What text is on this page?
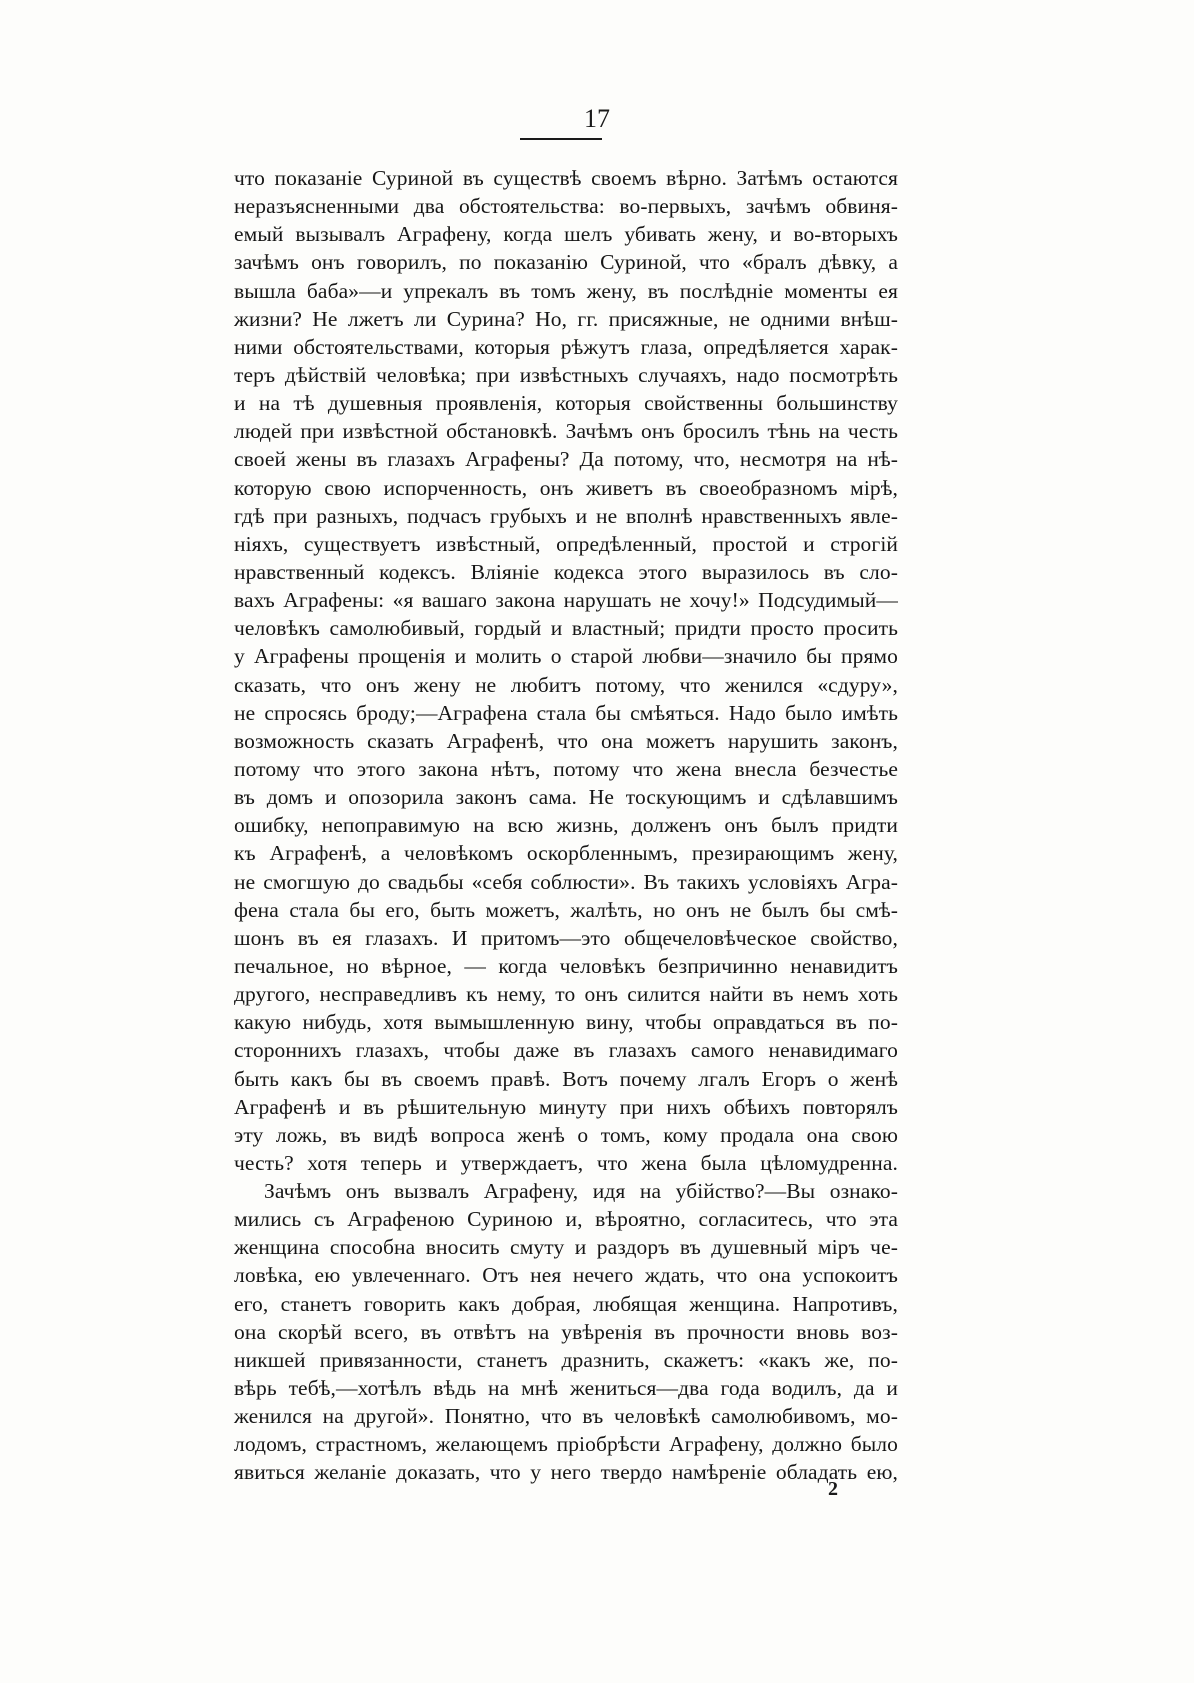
17
что показаніе Суриной въ существѣ своемъ вѣрно. Затѣмъ остаются
неразъясненными два обстоятельства: во-первыхъ, зачѣмъ обвиня-
емый вызывалъ Аграфену, когда шелъ убивать жену, и во-вторыхъ
зачѣмъ онъ говорилъ, по показанію Суриной, что «бралъ дѣвку, а
вышла баба»—и упрекалъ въ томъ жену, въ послѣдніе моменты ея
жизни? Не лжетъ ли Сурина? Но, гг. присяжные, не одними внѣш-
ними обстоятельствами, которыя рѣжутъ глаза, опредѣляется харак-
теръ дѣйствій человѣка; при извѣстныхъ случаяхъ, надо посмотрѣть
и на тѣ душевныя проявленія, которыя свойственны большинству
людей при извѣстной обстановкѣ. Зачѣмъ онъ бросилъ тѣнь на честь
своей жены въ глазахъ Аграфены? Да потому, что, несмотря на нѣ-
которую свою испорченность, онъ живетъ въ своеобразномъ мірѣ,
гдѣ при разныхъ, подчасъ грубыхъ и не вполнѣ нравственныхъ явле-
ніяхъ, существуетъ извѣстный, опредѣленный, простой и строгій
нравственный кодексъ. Вліяніе кодекса этого выразилось въ сло-
вахъ Аграфены: «я вашаго закона нарушать не хочу!» Подсудимый—
человѣкъ самолюбивый, гордый и властный; придти просто просить
у Аграфены прощенія и молить о старой любви—значило бы прямо
сказать, что онъ жену не любитъ потому, что женился «сдуру»,
не спросясь броду;—Аграфена стала бы смѣяться. Надо было имѣть
возможность сказать Аграфенѣ, что она можетъ нарушить законъ,
потому что этого закона нѣтъ, потому что жена внесла безчестье
въ домъ и опозорила законъ сама. Не тоскующимъ и сдѣлавшимъ
ошибку, непоправимую на всю жизнь, долженъ онъ былъ придти
къ Аграфенѣ, а человѣкомъ оскорбленнымъ, презирающимъ жену,
не смогшую до свадьбы «себя соблюсти». Въ такихъ условіяхъ Агра-
фена стала бы его, быть можетъ, жалѣть, но онъ не былъ бы смѣ-
шонъ въ ея глазахъ. И притомъ—это общечеловѣческое свойство,
печальное, но вѣрное, — когда человѣкъ безпричинно ненавидитъ
другого, несправедливъ къ нему, то онъ силится найти въ немъ хоть
какую нибудь, хотя вымышленную вину, чтобы оправдаться въ по-
стороннихъ глазахъ, чтобы даже въ глазахъ самого ненавидимаго
быть какъ бы въ своемъ правѣ. Вотъ почему лгалъ Егоръ о женѣ
Аграфенѣ и въ рѣшительную минуту при нихъ обѣихъ повторялъ
эту ложь, въ видѣ вопроса женѣ о томъ, кому продала она свою
честь? хотя теперь и утверждаетъ, что жена была цѣломудренна.
Зачѣмъ онъ вызвалъ Аграфену, идя на убійство?—Вы ознако-
мились съ Аграфеною Суриною и, вѣроятно, согласитесь, что эта
женщина способна вносить смуту и раздоръ въ душевный міръ че-
ловѣка, ею увлеченнаго. Отъ нея нечего ждать, что она успокоитъ
его, станетъ говорить какъ добрая, любящая женщина. Напротивъ,
она скорѣй всего, въ отвѣтъ на увѣренія въ прочности вновь воз-
никшей привязанности, станетъ дразнить, скажетъ: «какъ же, по-
вѣрь тебѣ,—хотѣлъ вѣдь на мнѣ жениться—два года водилъ, да и
женился на другой». Понятно, что въ человѣкѣ самолюбивомъ, мо-
лодомъ, страстномъ, желающемъ пріобрѣсти Аграфену, должно было
явиться желаніе доказать, что у него твердо намѣреніе обладать ею,
2
